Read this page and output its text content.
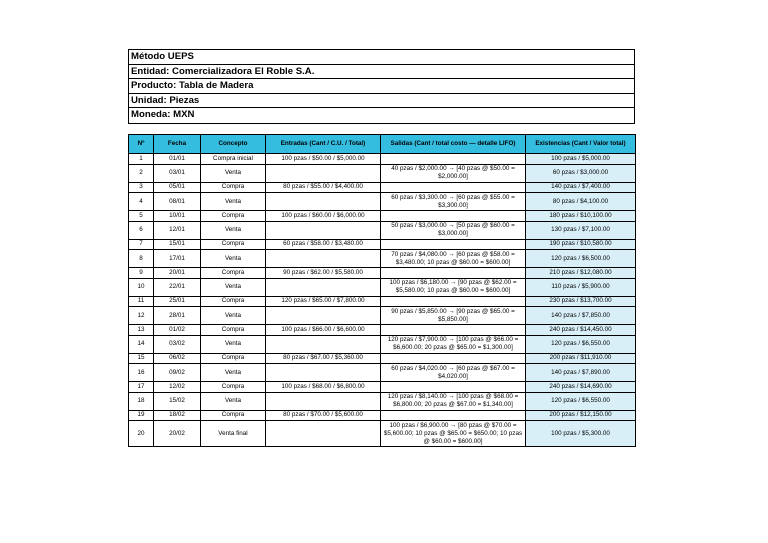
Método UEPS
Entidad: Comercializadora El Roble S.A.
Producto: Tabla de Madera
Unidad: Piezas
Moneda: MXN
Nº	Fecha	Concepto	Entradas (Cant / C.U. / Total)	Salidas (Cant / total costo — detalle LIFO)	Existencias (Cant / Valor total)
1	01/01	Compra inicial	100 pzas / $50.00 / $5,000.00		100 pzas / $5,000.00
2	03/01	Venta		40 pzas / $2,000.00 → [40 pzas @ $50.00 = $2,000.00]	60 pzas / $3,000.00
3	05/01	Compra	80 pzas / $55.00 / $4,400.00		140 pzas / $7,400.00
4	08/01	Venta		60 pzas / $3,300.00 → [60 pzas @ $55.00 = $3,300.00]	80 pzas / $4,100.00
5	10/01	Compra	100 pzas / $60.00 / $6,000.00		180 pzas / $10,100.00
6	12/01	Venta		50 pzas / $3,000.00 → [50 pzas @ $60.00 = $3,000.00]	130 pzas / $7,100.00
7	15/01	Compra	60 pzas / $58.00 / $3,480.00		190 pzas / $10,580.00
8	17/01	Venta		70 pzas / $4,080.00 → [60 pzas @ $58.00 = $3,480.00; 10 pzas @ $60.00 = $600.00]	120 pzas / $6,500.00
9	20/01	Compra	90 pzas / $62.00 / $5,580.00		210 pzas / $12,080.00
10	22/01	Venta		100 pzas / $6,180.00 → [90 pzas @ $62.00 = $5,580.00; 10 pzas @ $60.00 = $600.00]	110 pzas / $5,900.00
11	25/01	Compra	120 pzas / $65.00 / $7,800.00		230 pzas / $13,700.00
12	28/01	Venta		90 pzas / $5,850.00 → [90 pzas @ $65.00 = $5,850.00]	140 pzas / $7,850.00
13	01/02	Compra	100 pzas / $66.00 / $6,600.00		240 pzas / $14,450.00
14	03/02	Venta		120 pzas / $7,900.00 → [100 pzas @ $66.00 = $6,600.00; 20 pzas @ $65.00 = $1,300.00]	120 pzas / $6,550.00
15	06/02	Compra	80 pzas / $67.00 / $5,360.00		200 pzas / $11,910.00
16	09/02	Venta		60 pzas / $4,020.00 → [60 pzas @ $67.00 = $4,020.00]	140 pzas / $7,890.00
17	12/02	Compra	100 pzas / $68.00 / $6,800.00		240 pzas / $14,690.00
18	15/02	Venta		120 pzas / $8,140.00 → [100 pzas @ $68.00 = $6,800.00; 20 pzas @ $67.00 = $1,340.00]	120 pzas / $6,550.00
19	18/02	Compra	80 pzas / $70.00 / $5,600.00		200 pzas / $12,150.00
20	20/02	Venta final		100 pzas / $6,900.00 → [80 pzas @ $70.00 = $5,600.00; 10 pzas @ $65.00 = $650.00; 10 pzas @ $60.00 = $600.00]	100 pzas / $5,300.00
